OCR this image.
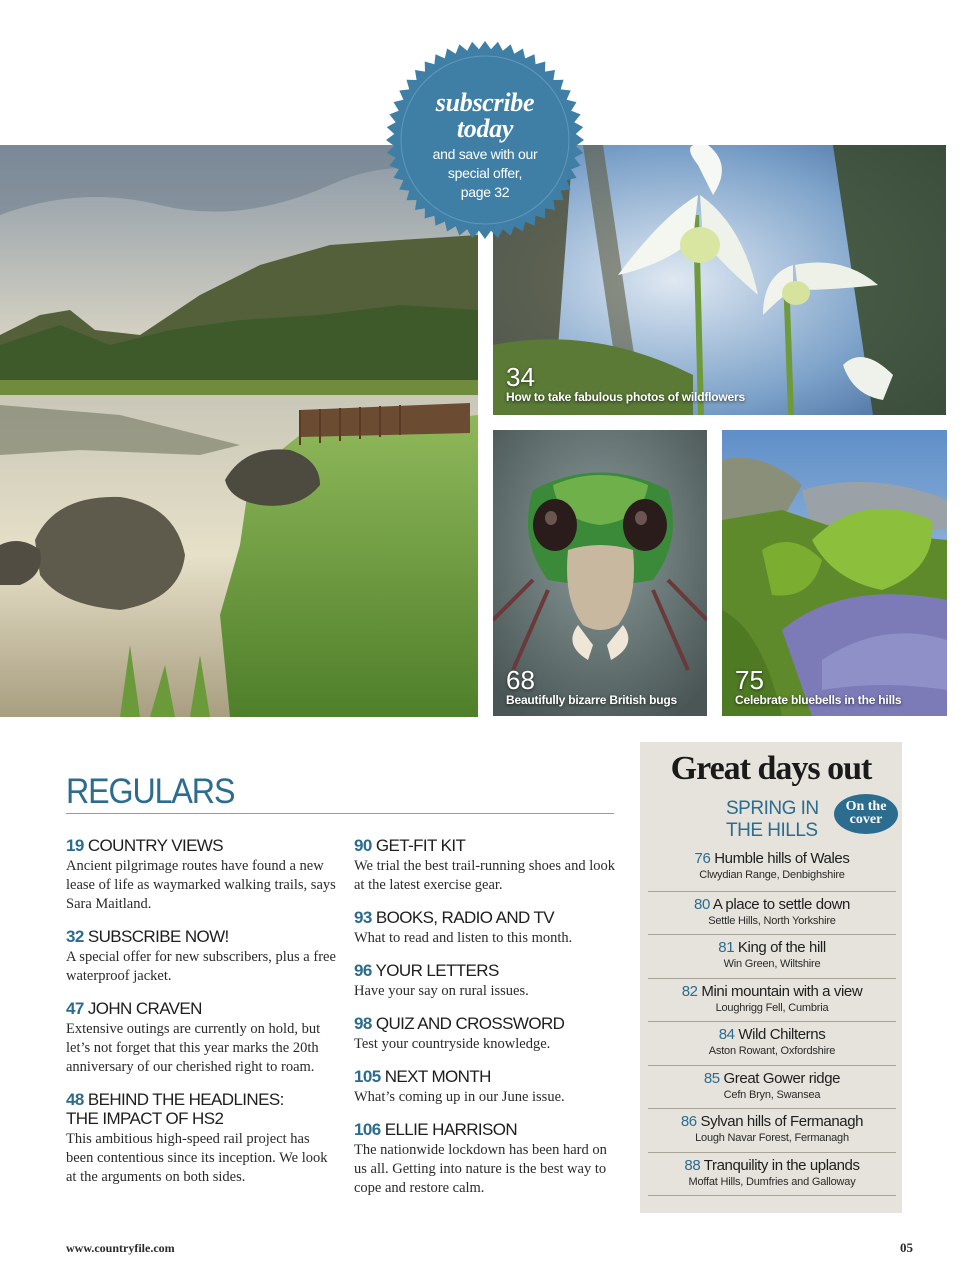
34
How to take fabulous photos of wildflowers
68
Beautifully bizarre British bugs
75
Celebrate bluebells in the hills
subscribe
today
and save with our
special offer,
page 32
REGULARS
19 COUNTRY VIEWS
Ancient pilgrimage routes have found a new lease of life as waymarked walking trails, says Sara Maitland.
32 SUBSCRIBE NOW!
A special offer for new subscribers, plus a free waterproof jacket.
47 JOHN CRAVEN
Extensive outings are currently on hold, but let’s not forget that this year marks the 20th anniversary of our cherished right to roam.
48 BEHIND THE HEADLINES:
THE IMPACT OF HS2
This ambitious high-speed rail project has been contentious since its inception. We look at the arguments on both sides.
90 GET-FIT KIT
We trial the best trail-running shoes and look at the latest exercise gear.
93 BOOKS, RADIO AND TV
What to read and listen to this month.
96 YOUR LETTERS
Have your say on rural issues.
98 QUIZ AND CROSSWORD
Test your countryside knowledge.
105 NEXT MONTH
What’s coming up in our June issue.
106 ELLIE HARRISON
The nationwide lockdown has been hard on us all. Getting into nature is the best way to cope and restore calm.
Great days out
SPRING IN
THE HILLS
On the
cover
76 Humble hills of Wales
Clwydian Range, Denbighshire
80 A place to settle down
Settle Hills, North Yorkshire
81 King of the hill
Win Green, Wiltshire
82 Mini mountain with a view
Loughrigg Fell, Cumbria
84 Wild Chilterns
Aston Rowant, Oxfordshire
85 Great Gower ridge
Cefn Bryn, Swansea
86 Sylvan hills of Fermanagh
Lough Navar Forest, Fermanagh
88 Tranquility in the uplands
Moffat Hills, Dumfries and Galloway
www.countryfile.com	05
